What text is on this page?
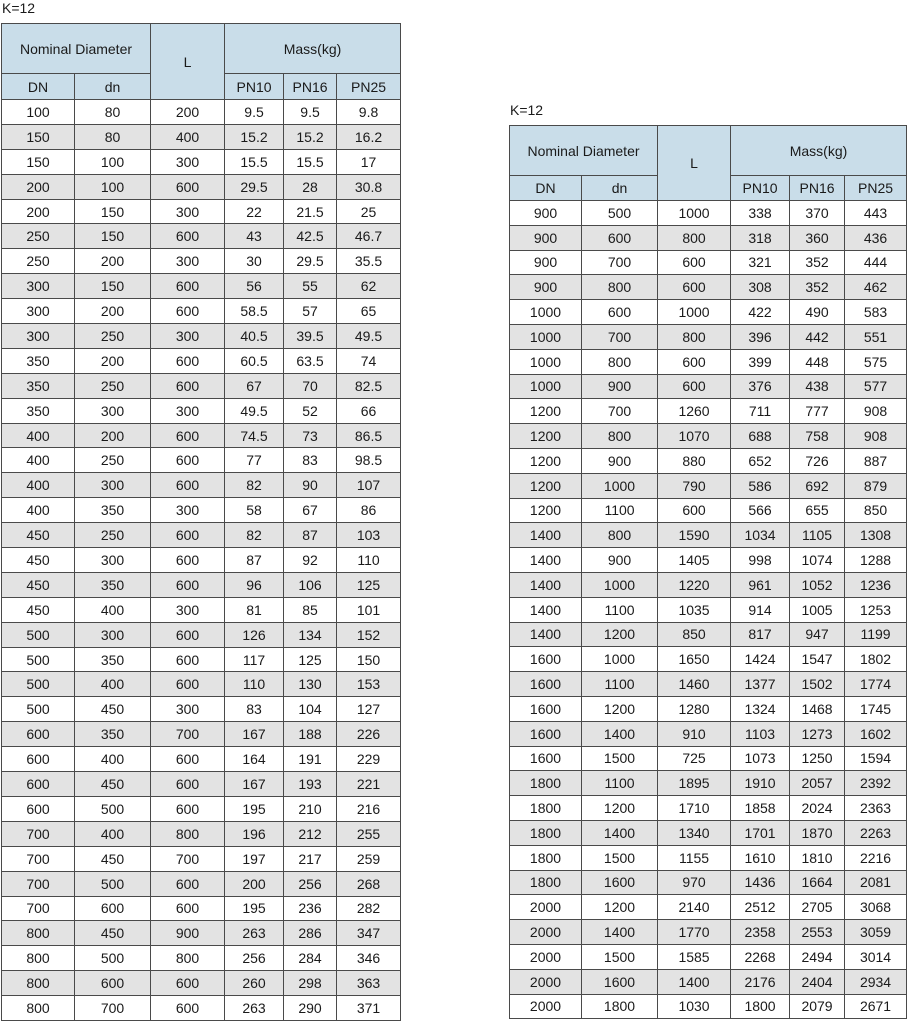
K=12
Nominal Diameter		L	Mass(kg)		
DN	dn		PN10	PN16	PN25
100	80	200	9.5	9.5	9.8
150	80	400	15.2	15.2	16.2
150	100	300	15.5	15.5	17
200	100	600	29.5	28	30.8
200	150	300	22	21.5	25
250	150	600	43	42.5	46.7
250	200	300	30	29.5	35.5
300	150	600	56	55	62
300	200	600	58.5	57	65
300	250	300	40.5	39.5	49.5
350	200	600	60.5	63.5	74
350	250	600	67	70	82.5
350	300	300	49.5	52	66
400	200	600	74.5	73	86.5
400	250	600	77	83	98.5
400	300	600	82	90	107
400	350	300	58	67	86
450	250	600	82	87	103
450	300	600	87	92	110
450	350	600	96	106	125
450	400	300	81	85	101
500	300	600	126	134	152
500	350	600	117	125	150
500	400	600	110	130	153
500	450	300	83	104	127
600	350	700	167	188	226
600	400	600	164	191	229
600	450	600	167	193	221
600	500	600	195	210	216
700	400	800	196	212	255
700	450	700	197	217	259
700	500	600	200	256	268
700	600	600	195	236	282
800	450	900	263	286	347
800	500	800	256	284	346
800	600	600	260	298	363
800	700	600	263	290	371
K=12
Nominal Diameter		L	Mass(kg)		
DN	dn		PN10	PN16	PN25
900	500	1000	338	370	443
900	600	800	318	360	436
900	700	600	321	352	444
900	800	600	308	352	462
1000	600	1000	422	490	583
1000	700	800	396	442	551
1000	800	600	399	448	575
1000	900	600	376	438	577
1200	700	1260	711	777	908
1200	800	1070	688	758	908
1200	900	880	652	726	887
1200	1000	790	586	692	879
1200	1100	600	566	655	850
1400	800	1590	1034	1105	1308
1400	900	1405	998	1074	1288
1400	1000	1220	961	1052	1236
1400	1100	1035	914	1005	1253
1400	1200	850	817	947	1199
1600	1000	1650	1424	1547	1802
1600	1100	1460	1377	1502	1774
1600	1200	1280	1324	1468	1745
1600	1400	910	1103	1273	1602
1600	1500	725	1073	1250	1594
1800	1100	1895	1910	2057	2392
1800	1200	1710	1858	2024	2363
1800	1400	1340	1701	1870	2263
1800	1500	1155	1610	1810	2216
1800	1600	970	1436	1664	2081
2000	1200	2140	2512	2705	3068
2000	1400	1770	2358	2553	3059
2000	1500	1585	2268	2494	3014
2000	1600	1400	2176	2404	2934
2000	1800	1030	1800	2079	2671
